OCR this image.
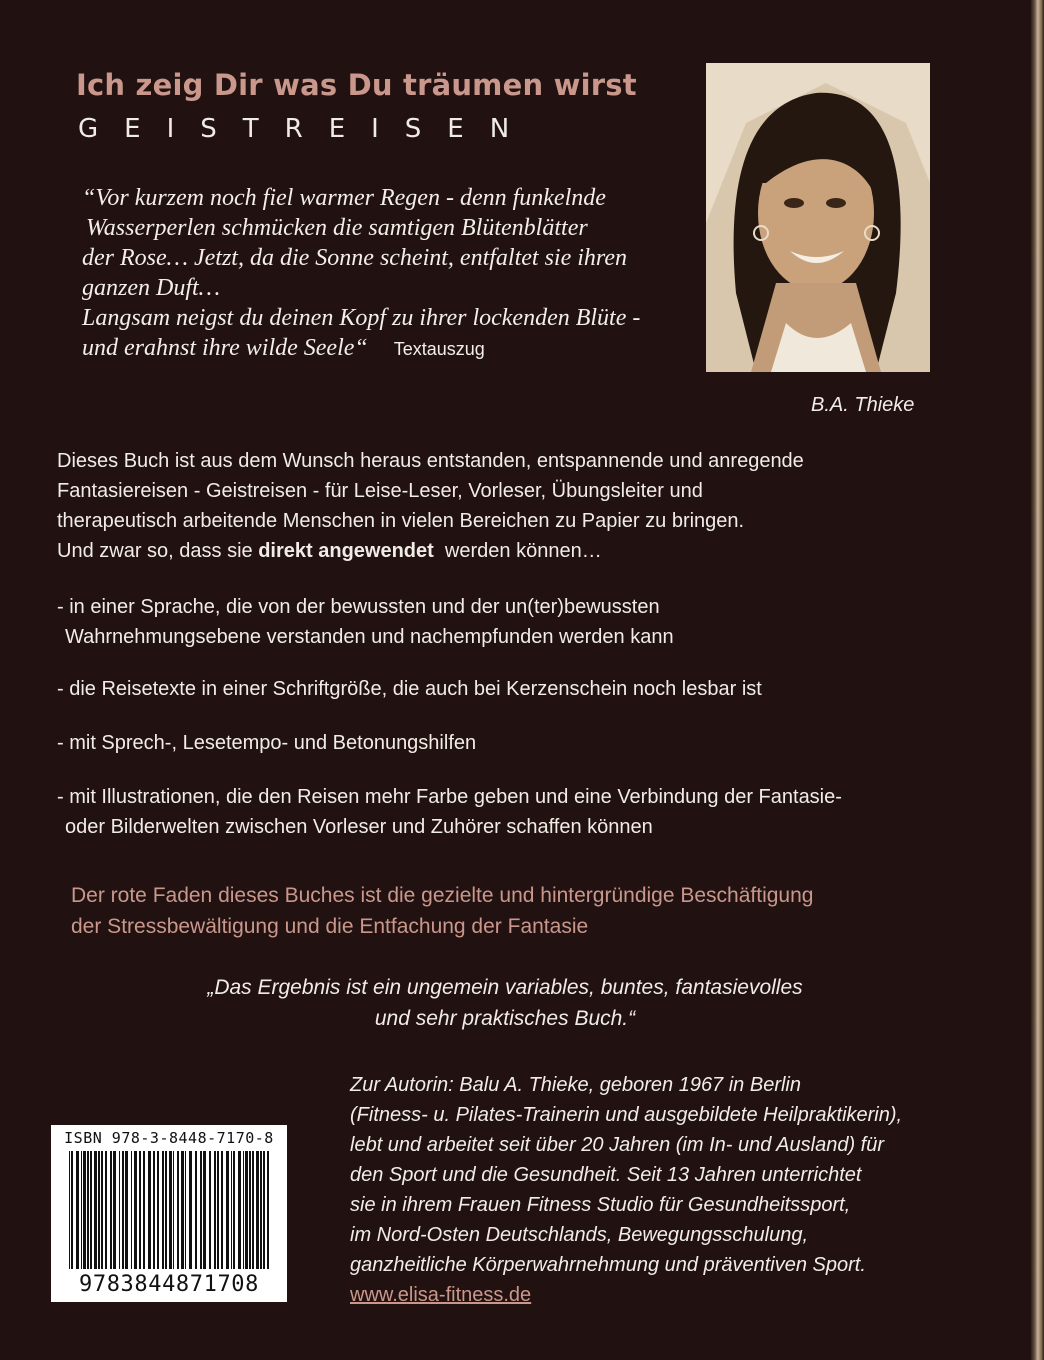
Ich zeig Dir was Du träumen wirst
GEISTREISEN
“Vor kurzem noch fiel warmer Regen - denn funkelnde
Wasserperlen schmücken die samtigen Blütenblätter
der Rose… Jetzt, da die Sonne scheint, entfaltet sie ihren
ganzen Duft…
Langsam neigst du deinen Kopf zu ihrer lockenden Blüte -
und erahnst ihre wilde Seele“ Textauszug
B.A. Thieke
Dieses Buch ist aus dem Wunsch heraus entstanden, entspannende und anregende
Fantasiereisen - Geistreisen - für Leise-Leser, Vorleser, Übungsleiter und
therapeutisch arbeitende Menschen in vielen Bereichen zu Papier zu bringen.
Und zwar so, dass sie direkt angewendet  werden können…
- in einer Sprache, die von der bewussten und der un(ter)bewussten
Wahrnehmungsebene verstanden und nachempfunden werden kann
- die Reisetexte in einer Schriftgröße, die auch bei Kerzenschein noch lesbar ist
- mit Sprech-, Lesetempo- und Betonungshilfen
- mit Illustrationen, die den Reisen mehr Farbe geben und eine Verbindung der Fantasie-
oder Bilderwelten zwischen Vorleser und Zuhörer schaffen können
Der rote Faden dieses Buches ist die gezielte und hintergründige Beschäftigung
der Stressbewältigung und die Entfachung der Fantasie
„Das Ergebnis ist ein ungemein variables, buntes, fantasievolles
und sehr praktisches Buch.“
Zur Autorin: Balu A. Thieke, geboren 1967 in Berlin
(Fitness- u. Pilates-Trainerin und ausgebildete Heilpraktikerin),
lebt und arbeitet seit über 20 Jahren (im In- und Ausland) für
den Sport und die Gesundheit. Seit 13 Jahren unterrichtet
sie in ihrem Frauen Fitness Studio für Gesundheitssport,
im Nord-Osten Deutschlands, Bewegungsschulung,
ganzheitliche Körperwahrnehmung und präventiven Sport.
www.elisa-fitness.de
ISBN 978-3-8448-7170-8
9783844871708
